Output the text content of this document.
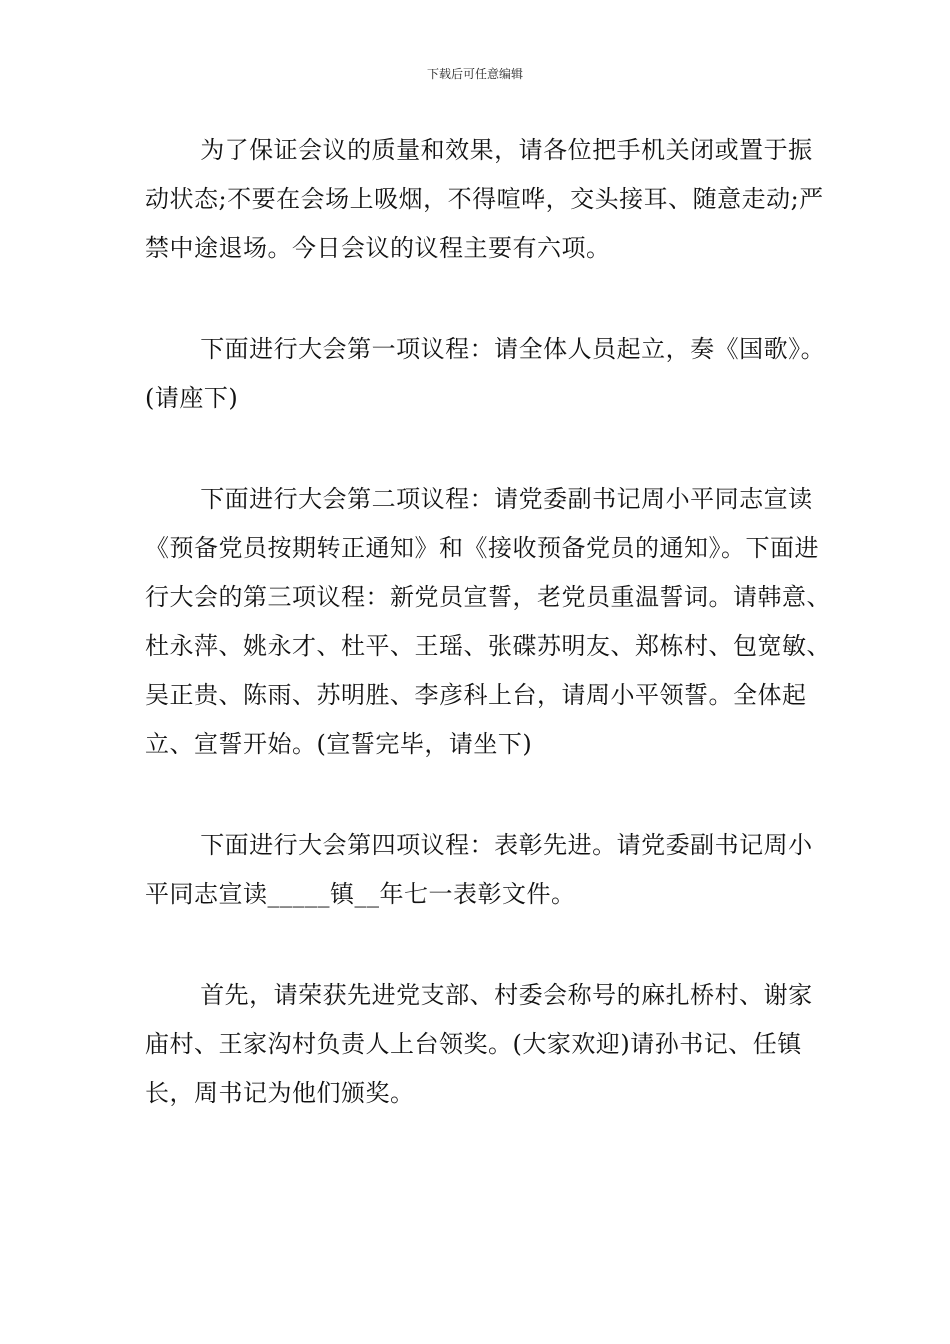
下载后可任意编辑

为了保证会议的质量和效果，请各位把手机关闭或置于振动状态;不要在会场上吸烟，不得喧哗，交头接耳、随意走动;严禁中途退场。今日会议的议程主要有六项。

下面进行大会第一项议程：请全体人员起立，奏《国歌》。(请座下)

下面进行大会第二项议程：请党委副书记周小平同志宣读《预备党员按期转正通知》和《接收预备党员的通知》。下面进行大会的第三项议程：新党员宣誓，老党员重温誓词。请韩意、杜永萍、姚永才、杜平、王瑶、张碟苏明友、郑栋村、包宽敏、吴正贵、陈雨、苏明胜、李彦科上台，请周小平领誓。全体起立、宣誓开始。(宣誓完毕，请坐下)

下面进行大会第四项议程：表彰先进。请党委副书记周小平同志宣读_____镇__年七一表彰文件。

首先，请荣获先进党支部、村委会称号的麻扎桥村、谢家庙村、王家沟村负责人上台领奖。(大家欢迎)请孙书记、任镇长，周书记为他们颁奖。
